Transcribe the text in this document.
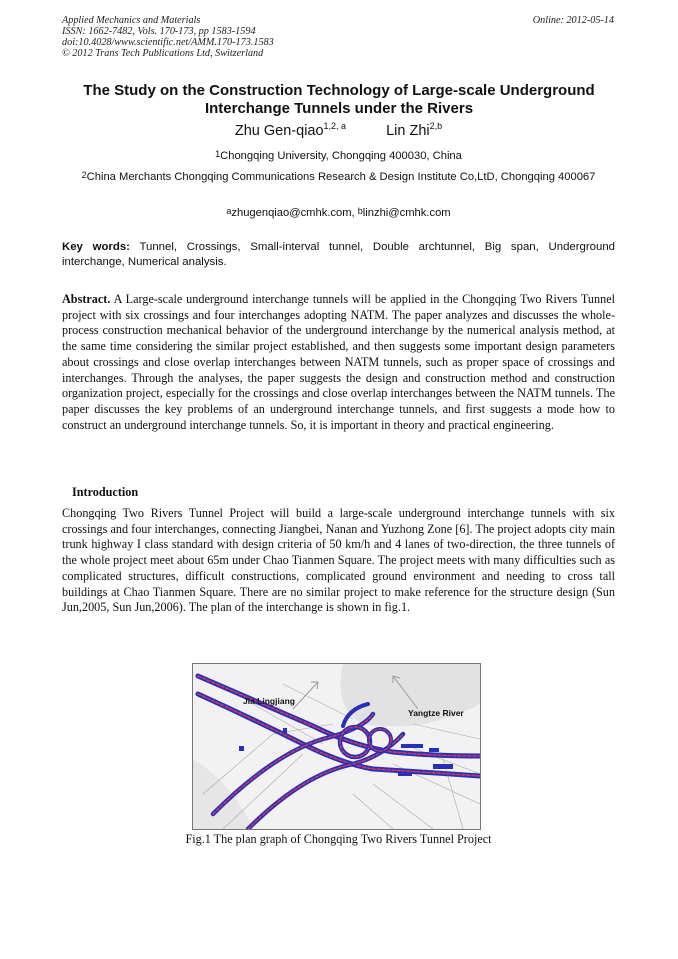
Applied Mechanics and Materials
ISSN: 1662-7482, Vols. 170-173, pp 1583-1594
doi:10.4028/www.scientific.net/AMM.170-173.1583
© 2012 Trans Tech Publications Ltd, Switzerland
Online: 2012-05-14
The Study on the Construction Technology of Large-scale Underground Interchange Tunnels under the Rivers
Zhu Gen-qiao$^{1,2, a}$	Lin Zhi$^{2,b}$
$^1$Chongqing University, Chongqing 400030, China
$^2$China Merchants Chongqing Communications Research & Design Institute Co,LtD, Chongqing 400067
$^a$zhugenqiao@cmhk.com, $^b$linzhi@cmhk.com
Key words: Tunnel, Crossings, Small-interval tunnel, Double archtunnel, Big span, Underground interchange, Numerical analysis.
Abstract. A Large-scale underground interchange tunnels will be applied in the Chongqing Two Rivers Tunnel project with six crossings and four interchanges adopting NATM. The paper analyzes and discusses the whole-process construction mechanical behavior of the underground interchange by the numerical analysis method, at the same time considering the similar project established, and then suggests some important design parameters about crossings and close overlap interchanges between NATM tunnels, such as proper space of crossings and interchanges. Through the analyses, the paper suggests the design and construction method and construction organization project, especially for the crossings and close overlap interchanges between the NATM tunnels. The paper discusses the key problems of an underground interchange tunnels, and first suggests a mode how to construct an underground interchange tunnels. So, it is important in theory and practical engineering.
Introduction
Chongqing Two Rivers Tunnel Project will build a large-scale underground interchange tunnels with six crossings and four interchanges, connecting Jiangbei, Nanan and Yuzhong Zone [6]. The project adopts city main trunk highway I class standard with design criteria of 50 km/h and 4 lanes of two-direction, the three tunnels of the whole project meet about 65m under Chao Tianmen Square. The project meets with many difficulties such as complicated structures, difficult constructions, complicated ground environment and needing to cross tall buildings at Chao Tianmen Square. There are no similar project to make reference for the structure design (Sun Jun,2005, Sun Jun,2006). The plan of the interchange is shown in fig.1.
Jia Lingjiang
Yangtze River
Fig.1 The plan graph of Chongqing Two Rivers Tunnel Project
